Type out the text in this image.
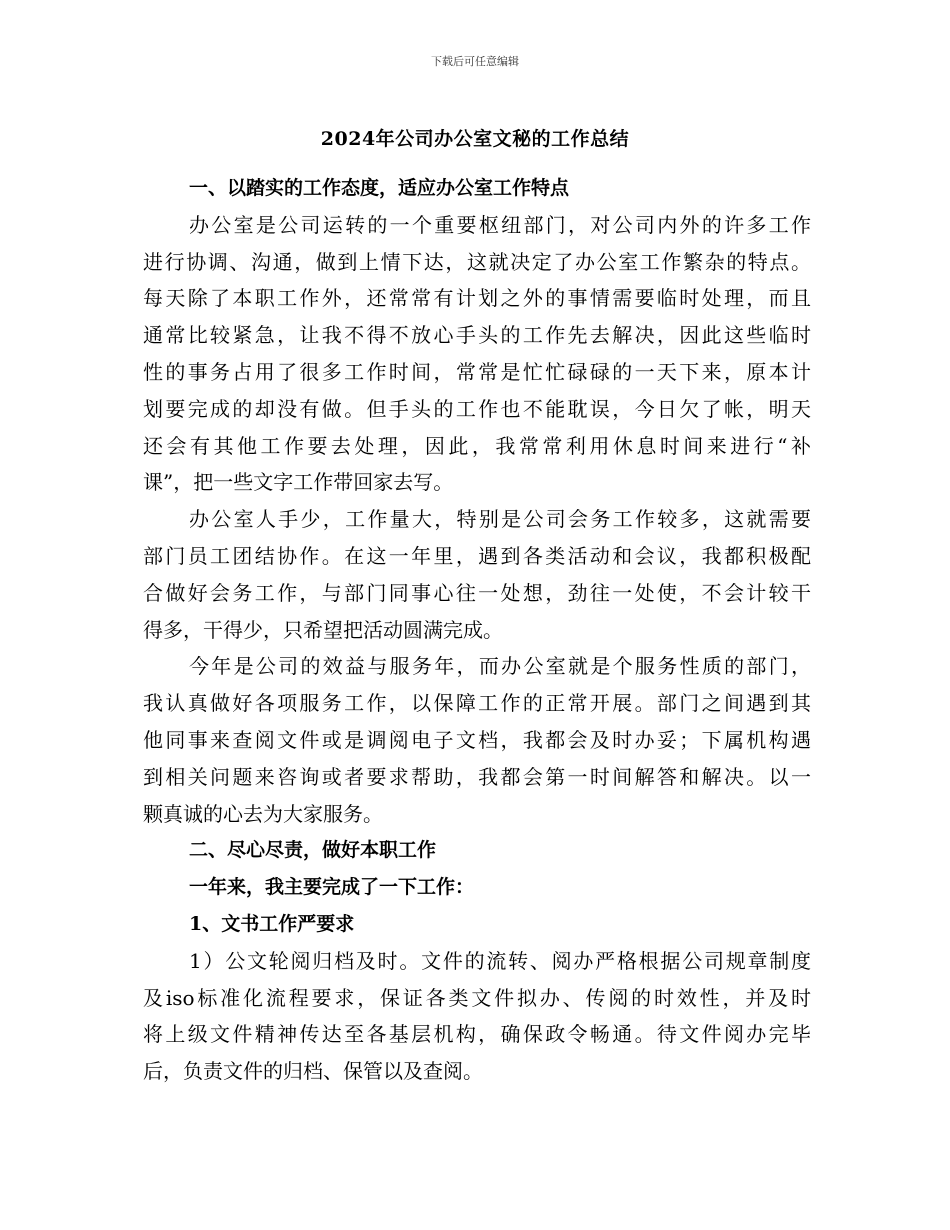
下载后可任意编辑
2024年公司办公室文秘的工作总结
一、以踏实的工作态度，适应办公室工作特点
办公室是公司运转的一个重要枢纽部门，对公司内外的许多工作
进行协调、沟通，做到上情下达，这就决定了办公室工作繁杂的特点。
每天除了本职工作外，还常常有计划之外的事情需要临时处理，而且
通常比较紧急，让我不得不放心手头的工作先去解决，因此这些临时
性的事务占用了很多工作时间，常常是忙忙碌碌的一天下来，原本计
划要完成的却没有做。但手头的工作也不能耽误，今日欠了帐，明天
还会有其他工作要去处理，因此，我常常利用休息时间来进行“补
课”，把一些文字工作带回家去写。
办公室人手少，工作量大，特别是公司会务工作较多，这就需要
部门员工团结协作。在这一年里，遇到各类活动和会议，我都积极配
合做好会务工作，与部门同事心往一处想，劲往一处使，不会计较干
得多，干得少，只希望把活动圆满完成。
今年是公司的效益与服务年，而办公室就是个服务性质的部门，
我认真做好各项服务工作，以保障工作的正常开展。部门之间遇到其
他同事来查阅文件或是调阅电子文档，我都会及时办妥；下属机构遇
到相关问题来咨询或者要求帮助，我都会第一时间解答和解决。以一
颗真诚的心去为大家服务。
二、尽心尽责，做好本职工作
一年来，我主要完成了一下工作：
1、文书工作严要求
1）公文轮阅归档及时。文件的流转、阅办严格根据公司规章制度
及iso标准化流程要求，保证各类文件拟办、传阅的时效性，并及时
将上级文件精神传达至各基层机构，确保政令畅通。待文件阅办完毕
后，负责文件的归档、保管以及查阅。
